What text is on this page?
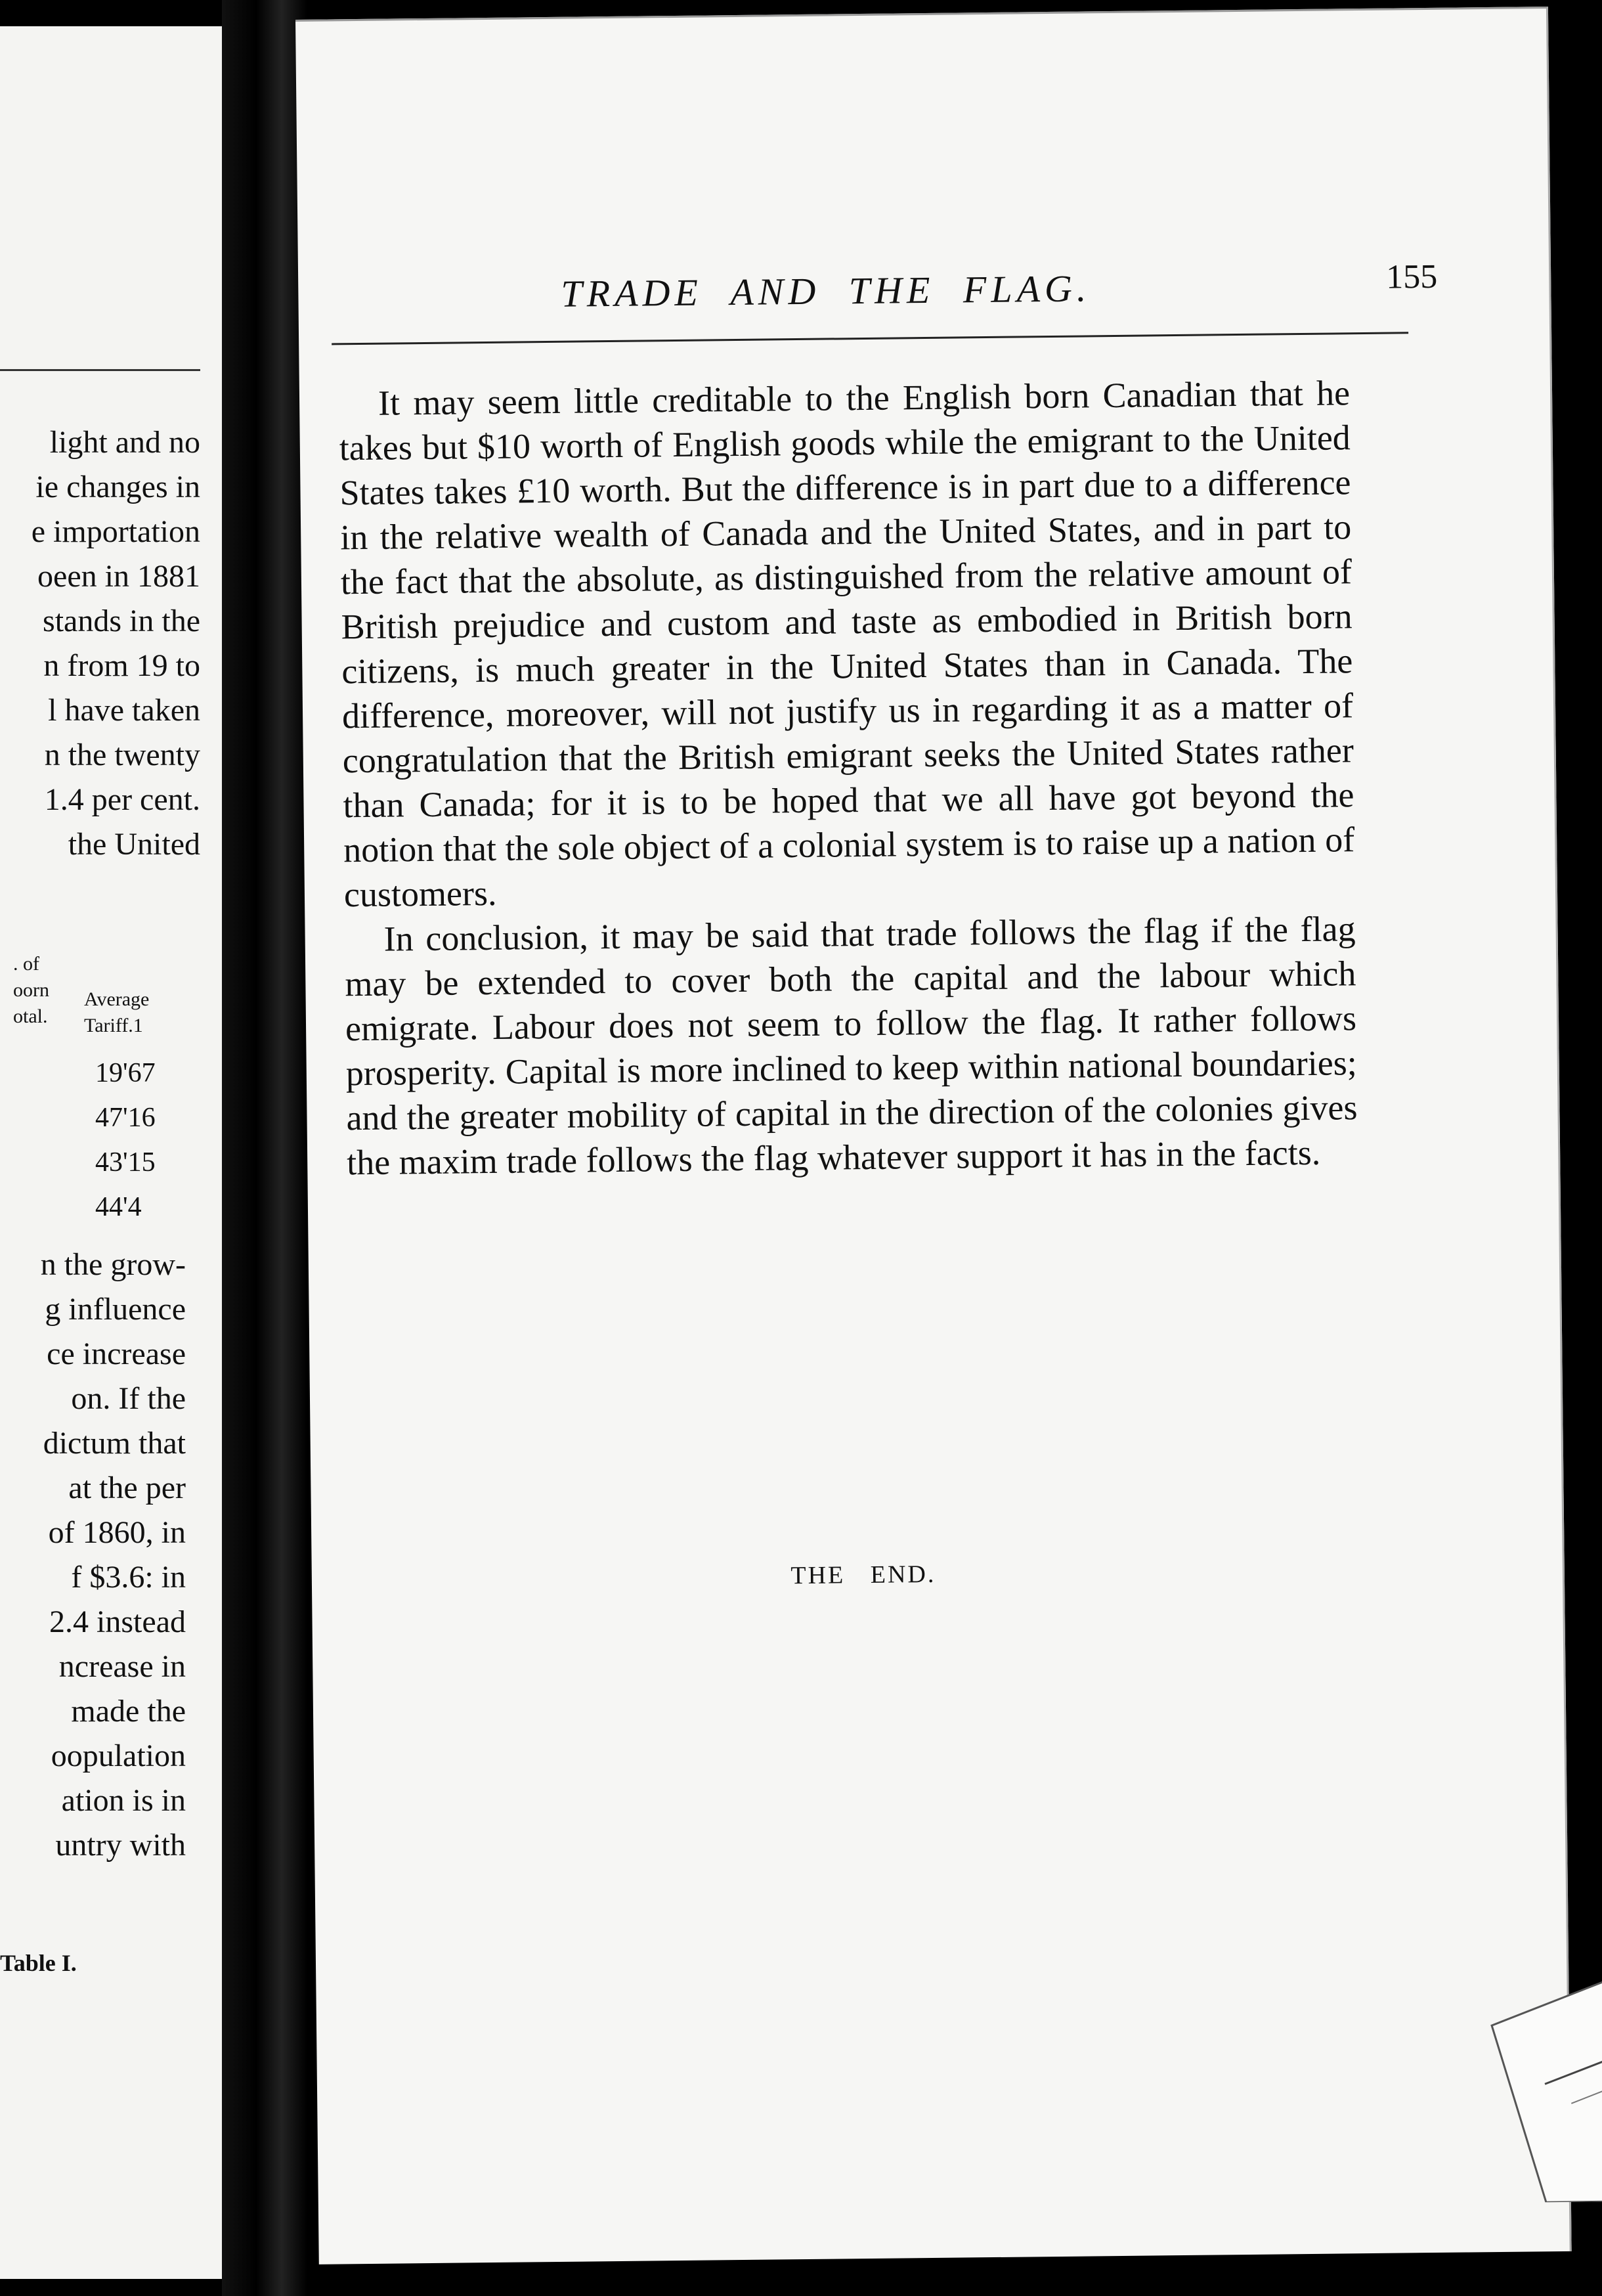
light and no
ie changes in
e importation
oeen in 1881
stands in the
n from 19 to
l have taken
n the twenty
1.4 per cent.
the United
. of
oorn
otal.
Average
Tariff.1
19'67
47'16
43'15
44'4
n the grow-
g influence
ce increase
on. If the
dictum that
at the per
of 1860, in
f $3.6: in
2.4 instead
ncrease in
made the
oopulation
ation is in
untry with
Table I.
TRADE AND THE FLAG.	155

It may seem little creditable to the English born Canadian that he takes but $10 worth of English goods while the emigrant to the United States takes £10 worth. But the difference is in part due to a difference in the relative wealth of Canada and the United States, and in part to the fact that the absolute, as distinguished from the relative amount of British prejudice and custom and taste as embodied in British born citizens, is much greater in the United States than in Canada. The difference, moreover, will not justify us in regarding it as a matter of congratulation that the British emigrant seeks the United States rather than Canada; for it is to be hoped that we all have got beyond the notion that the sole object of a colonial system is to raise up a nation of customers.

In conclusion, it may be said that trade follows the flag if the flag may be extended to cover both the capital and the labour which emigrate. Labour does not seem to follow the flag. It rather follows prosperity. Capital is more inclined to keep within national boundaries; and the greater mobility of capital in the direction of the colonies gives the maxim trade follows the flag whatever support it has in the facts.

THE END.
